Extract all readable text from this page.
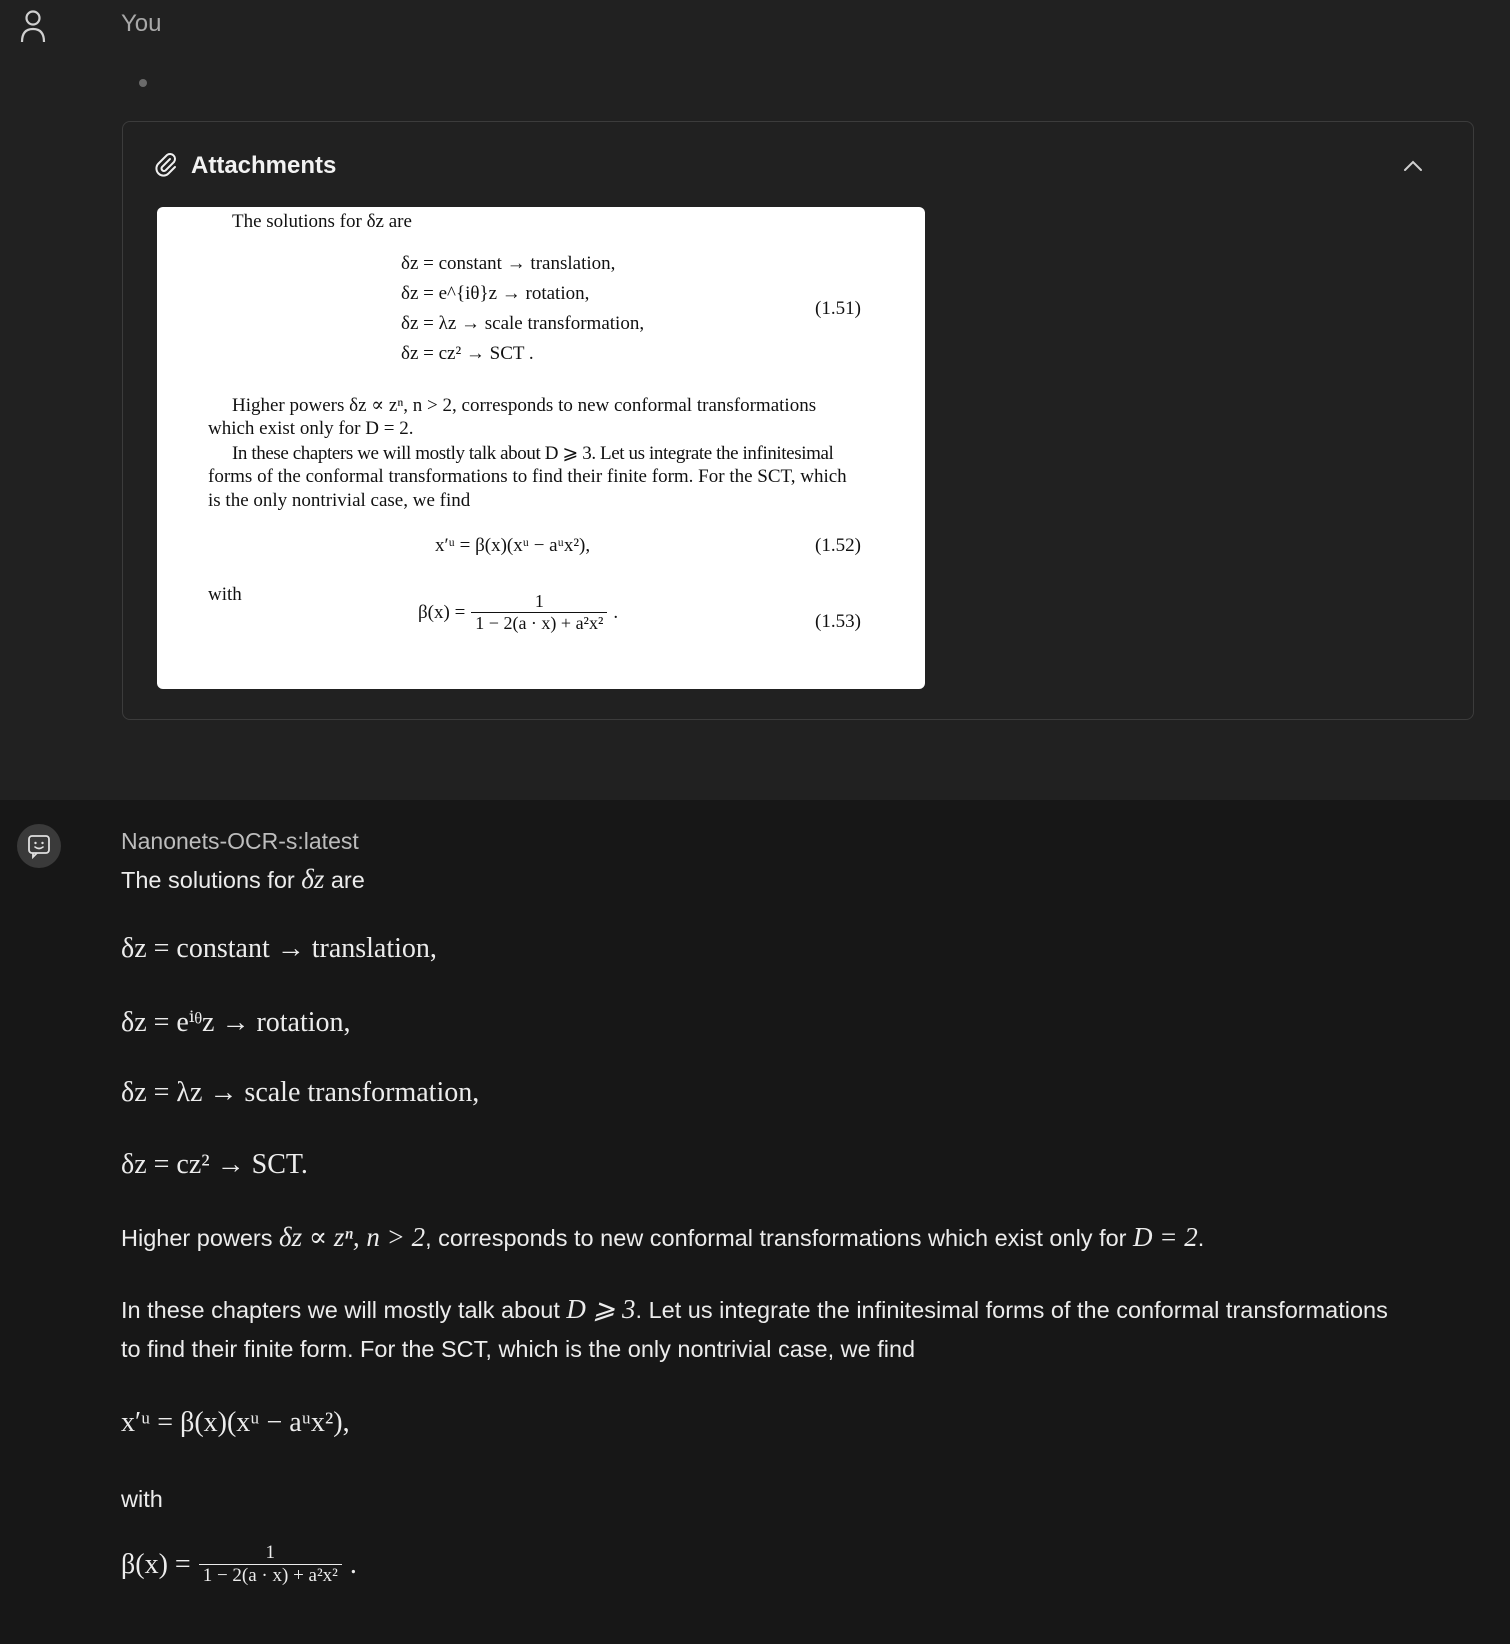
You
Attachments
The solutions for δz are
δz = constant → translation,
δz = e^{iθ}z → rotation,
δz = λz → scale transformation,
δz = cz² → SCT .
(1.51)
Higher powers δz ∝ zⁿ, n > 2, corresponds to new conformal transformations
which exist only for D = 2.
In these chapters we will mostly talk about D ⩾ 3. Let us integrate the infinitesimal
forms of the conformal transformations to find their finite form. For the SCT, which
is the only nontrivial case, we find
x′ᵘ = β(x)(xᵘ − aᵘx²),	(1.52)
with
$\beta(x) = \frac{1}{\text{1 − 2(a · x) + a²x²}}$ .	(1.53)
Nanonets-OCR-s:latest
The solutions for δz are
δz = constant → translation,
δz = eⁱᶿz → rotation,
δz = λz → scale transformation,
δz = cz² → SCT.
Higher powers δz ∝ zⁿ, n > 2, corresponds to new conformal transformations which exist only for D = 2.
In these chapters we will mostly talk about D ⩾ 3. Let us integrate the infinitesimal forms of the conformal transformations
to find their finite form. For the SCT, which is the only nontrivial case, we find
x′ᵘ = β(x)(xᵘ − aᵘx²),
with
$\beta(x) = \frac{1}{\text{1 − 2(a · x) + a²x²}}$ .
